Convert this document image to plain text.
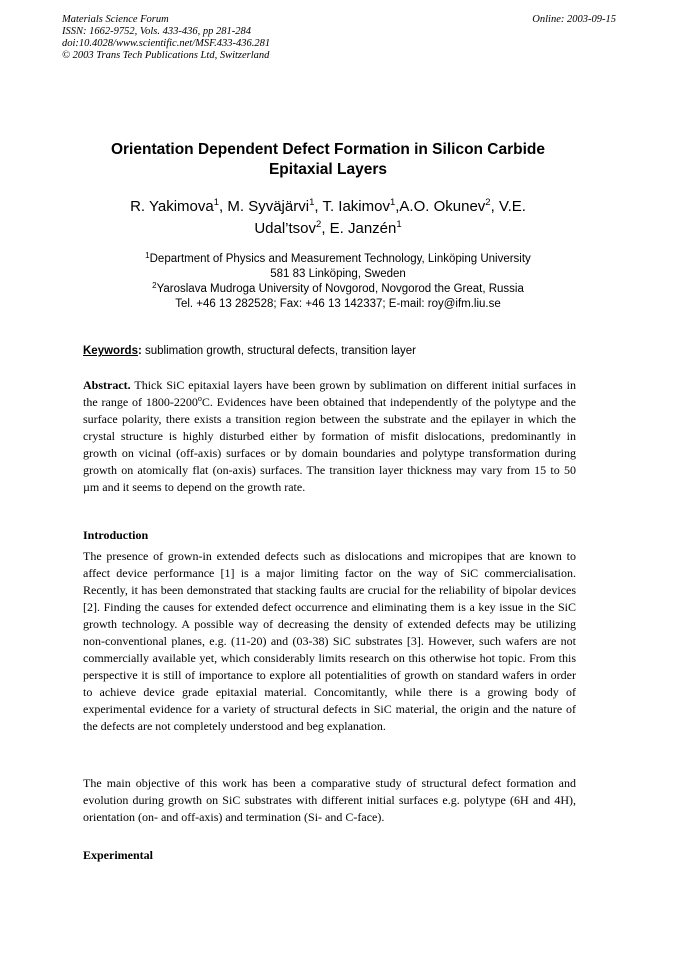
Materials Science Forum
ISSN: 1662-9752, Vols. 433-436, pp 281-284
doi:10.4028/www.scientific.net/MSF.433-436.281
© 2003 Trans Tech Publications Ltd, Switzerland
Online: 2003-09-15
Orientation Dependent Defect Formation in Silicon Carbide
Epitaxial Layers
R. Yakimova$^1$, M. Syväjärvi$^1$, T. Iakimov$^1$,A.O. Okunev$^2$, V.E.
Udal’tsov$^2$, E. Janzén$^1$
$^1$Department of Physics and Measurement Technology, Linköping University
581 83 Linköping, Sweden
$^2$Yaroslava Mudroga University of Novgorod, Novgorod the Great, Russia
Tel. +46 13 282528; Fax: +46 13 142337; E-mail: roy@ifm.liu.se
Keywords: sublimation growth, structural defects, transition layer
Abstract. Thick SiC epitaxial layers have been grown by sublimation on different initial surfaces in the range of 1800-2200$^o$C. Evidences have been obtained that independently of the polytype and the surface polarity, there exists a transition region between the substrate and the epilayer in which the crystal structure is highly disturbed either by formation of misfit dislocations, predominantly in growth on vicinal (off-axis) surfaces or by domain boundaries and polytype transformation during growth on atomically flat (on-axis) surfaces. The transition layer thickness may vary from 15 to 50 µm and it seems to depend on the growth rate.
Introduction
The presence of grown-in extended defects such as dislocations and micropipes that are known to affect device performance [1] is a major limiting factor on the way of SiC commercialisation. Recently, it has been demonstrated that stacking faults are crucial for the reliability of bipolar devices [2]. Finding the causes for extended defect occurrence and eliminating them is a key issue in the SiC growth technology. A possible way of decreasing the density of extended defects may be utilizing non-conventional planes, e.g. (11-20) and (03-38) SiC substrates [3]. However, such wafers are not commercially available yet, which considerably limits research on this otherwise hot topic. From this perspective it is still of importance to explore all potentialities of growth on standard wafers in order to achieve device grade epitaxial material. Concomitantly, while there is a growing body of experimental evidence for a variety of structural defects in SiC material, the origin and the nature of the defects are not completely understood and beg explanation.
The main objective of this work has been a comparative study of structural defect formation and evolution during growth on SiC substrates with different initial surfaces e.g. polytype (6H and 4H), orientation (on- and off-axis) and termination (Si- and C-face).
Experimental
